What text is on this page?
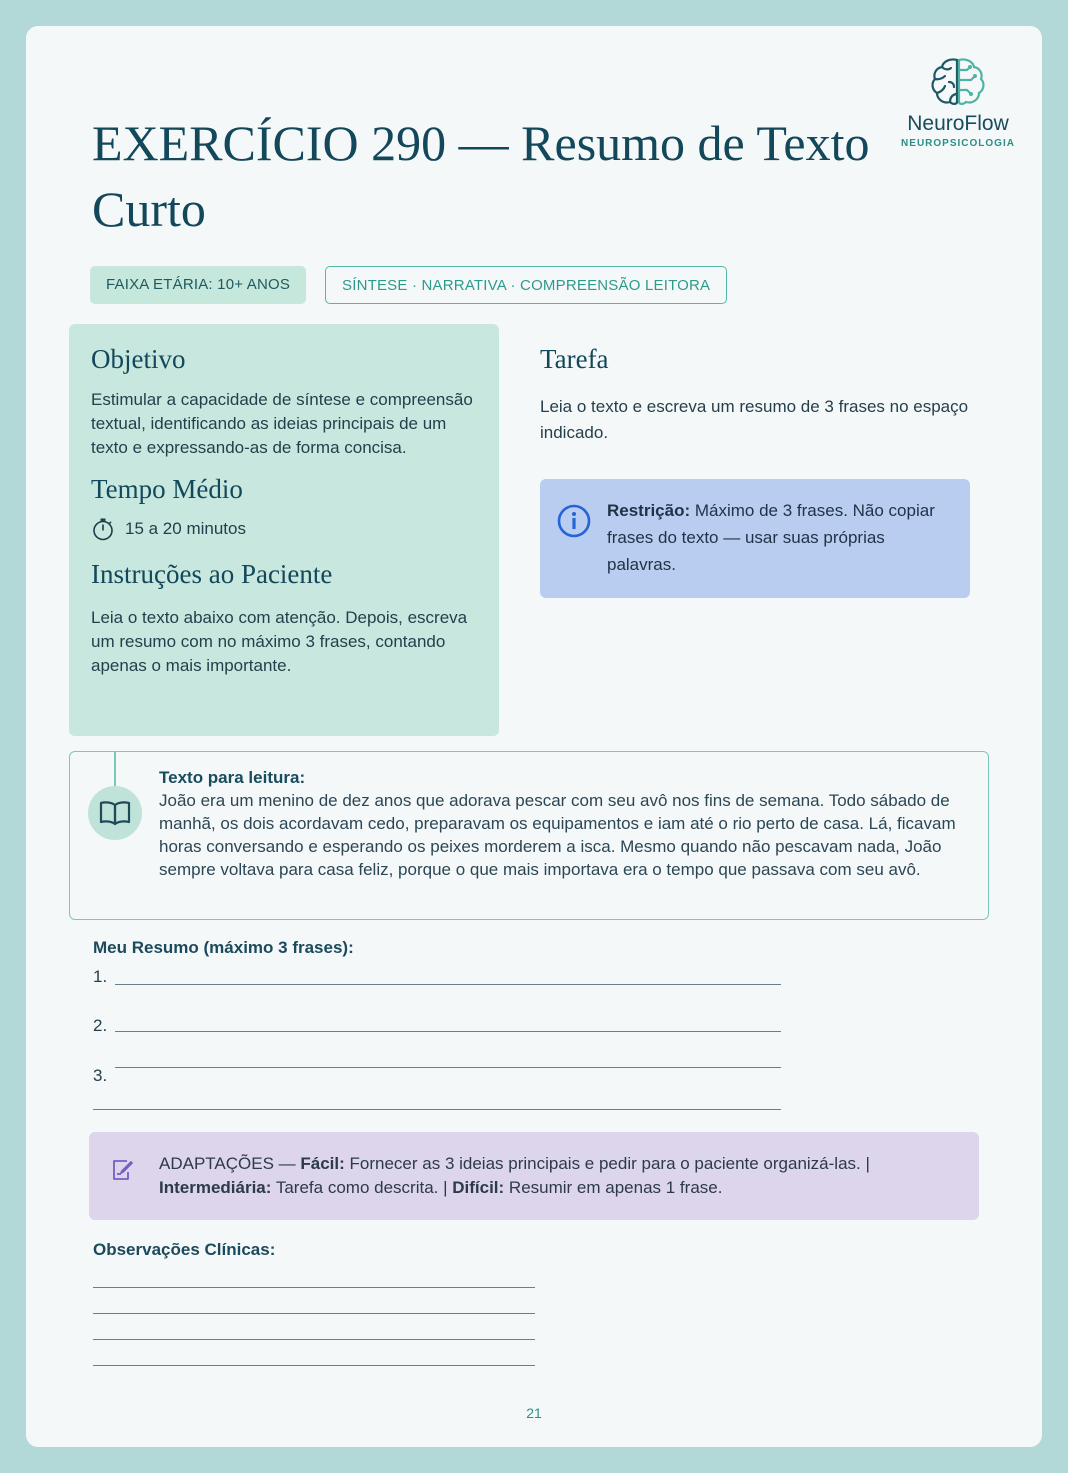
EXERCÍCIO 290 — Resumo de Texto Curto
NeuroFlow
NEUROPSICOLOGIA
FAIXA ETÁRIA: 10+ ANOS	SÍNTESE · NARRATIVA · COMPREENSÃO LEITORA
Objetivo

Estimular a capacidade de síntese e compreensão textual, identificando as ideias principais de um texto e expressando-as de forma concisa.

Tempo Médio
15 a 20 minutos
Instruções ao Paciente

Leia o texto abaixo com atenção. Depois, escreva um resumo com no máximo 3 frases, contando apenas o mais importante.

Tarefa

Leia o texto e escreva um resumo de 3 frases no espaço indicado.

Restrição: Máximo de 3 frases. Não copiar frases do texto — usar suas próprias palavras.
Texto para leitura:
João era um menino de dez anos que adorava pescar com seu avô nos fins de semana. Todo sábado de manhã, os dois acordavam cedo, preparavam os equipamentos e iam até o rio perto de casa. Lá, ficavam horas conversando e esperando os peixes morderem a isca. Mesmo quando não pescavam nada, João sempre voltava para casa feliz, porque o que mais importava era o tempo que passava com seu avô.
Meu Resumo (máximo 3 frases):
1.
2.
3.
ADAPTAÇÕES — Fácil: Fornecer as 3 ideias principais e pedir para o paciente organizá-las. | Intermediária: Tarefa como descrita. | Difícil: Resumir em apenas 1 frase.
Observações Clínicas:
21
